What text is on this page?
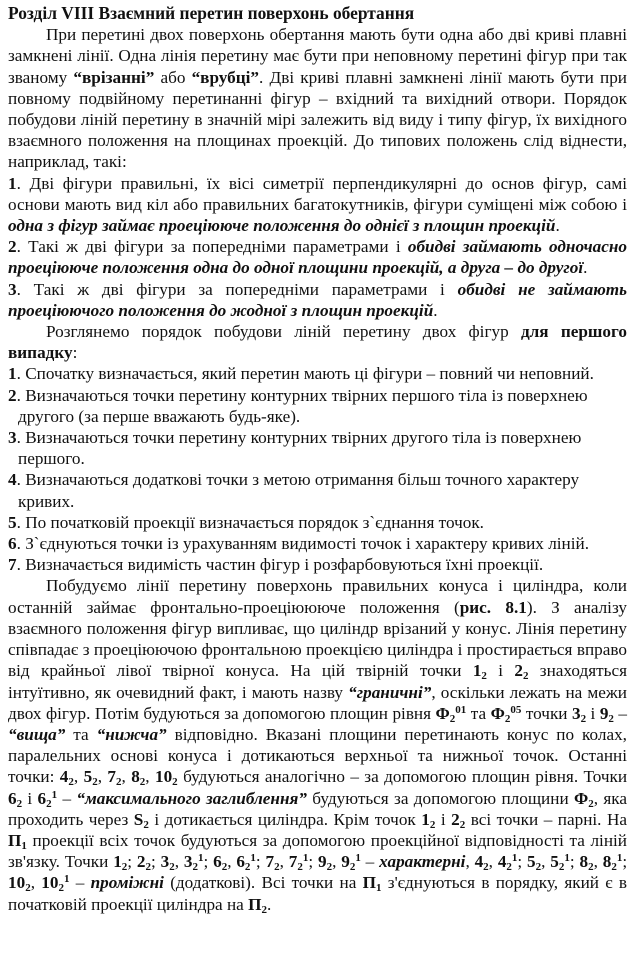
Розділ VIII Взаємний перетин поверхонь обертання

При перетині двох поверхонь обертання мають бути одна або дві криві плавні замкнені лінії. Одна лінія перетину має бути при неповному перетині фігур при так званому “врізанні” або “врубці”. Дві криві плавні замкнені лінії мають бути при повному подвійному перетинанні фігур – вхідний та вихідний отвори. Порядок побудови ліній перетину в значній мірі залежить від виду і типу фігур, їх вихідного взаємного положення на площинах проекцій. До типових положень слід віднести, наприклад, такі:

1. Дві фігури правильні, їх вісі симетрії перпендикулярні до основ фігур, самі основи мають вид кіл або правильних багатокутників, фігури суміщені між собою і одна з фігур займає проецiююче положення до однієї з площин проекцій.

2. Такі ж дві фігури за попередніми параметрами і обидві займають одночасно проецiююче положення одна до одної площини проекцій, а друга – до другої.

3. Такі ж дві фігури за попередніми параметрами і обидві не займають проецiюючого положення до жодної з площин проекцій.

Розглянемо порядок побудови ліній перетину двох фігур для першого випадку:

1. Спочатку визначається, який перетин мають ці фігури – повний чи неповний.

2. Визначаються точки перетину контурних твірних першого тіла із поверхнею
другого (за перше вважають будь-яке).

3. Визначаються точки перетину контурних твірних другого тіла із поверхнею
першого.

4. Визначаються додаткові точки з метою отримання більш точного характеру
кривих.

5. По початковій проекції визначається порядок з`єднання точок.

6. З`єднуються точки із урахуванням видимості точок і характеру кривих ліній.

7. Визначається видимість частин фігур і розфарбовуються їхні проекції.

Побудуємо лінії перетину поверхонь правильних конуса і циліндра, коли останній займає фронтально-проецiюююче положення (рис. 8.1). З аналізу взаємного положення фігур випливає, що циліндр врізаний у конус. Лінія перетину співпадає з проецiюючою фронтальною проекцією циліндра і простирається вправо від крайньої лівої твірної конуса. На цій твірній точки $1_2$ і $2_2$ знаходяться інтуїтивно, як очевидний факт, і мають назву “граничні”, оскільки лежать на межи двох фігур. Потім будуються за допомогою площин рівня $\Phi_2^{01}$ та $\Phi_2^{05}$ точки $3_2$ і $9_2$ – “вища” та “нижча” відповідно. Вказані площини перетинають конус по колах, паралельних основі конуса і дотикаються верхньої та нижньої точок. Останні точки: $4_2$, $5_2$, $7_2$, $8_2$, $10_2$ будуються аналогічно – за допомогою площин рівня. Точки $6_2$ і $6_2^1$ – “максимального заглиблення” будуються за допомогою площини $\Phi_2$, яка проходить через $S_2$ і дотикається циліндра. Крім точок $1_2$ і $2_2$ всі точки – парні. На $П_1$ проекції всіх точок будуються за допомогою проекційної відповідності та ліній зв'язку. Точки $1_2$; $2_2$; $3_2$, $3_2^1$; $6_2$, $6_2^1$; $7_2$, $7_2^1$; $9_2$, $9_2^1$ – характерні, $4_2$, $4_2^1$; $5_2$, $5_2^1$; $8_2$, $8_2^1$; $10_2$, $10_2^1$ – проміжні (додаткові). Всі точки на $П_1$ з'єднуються в порядку, який є в початковій проекції циліндра на $П_2$.
